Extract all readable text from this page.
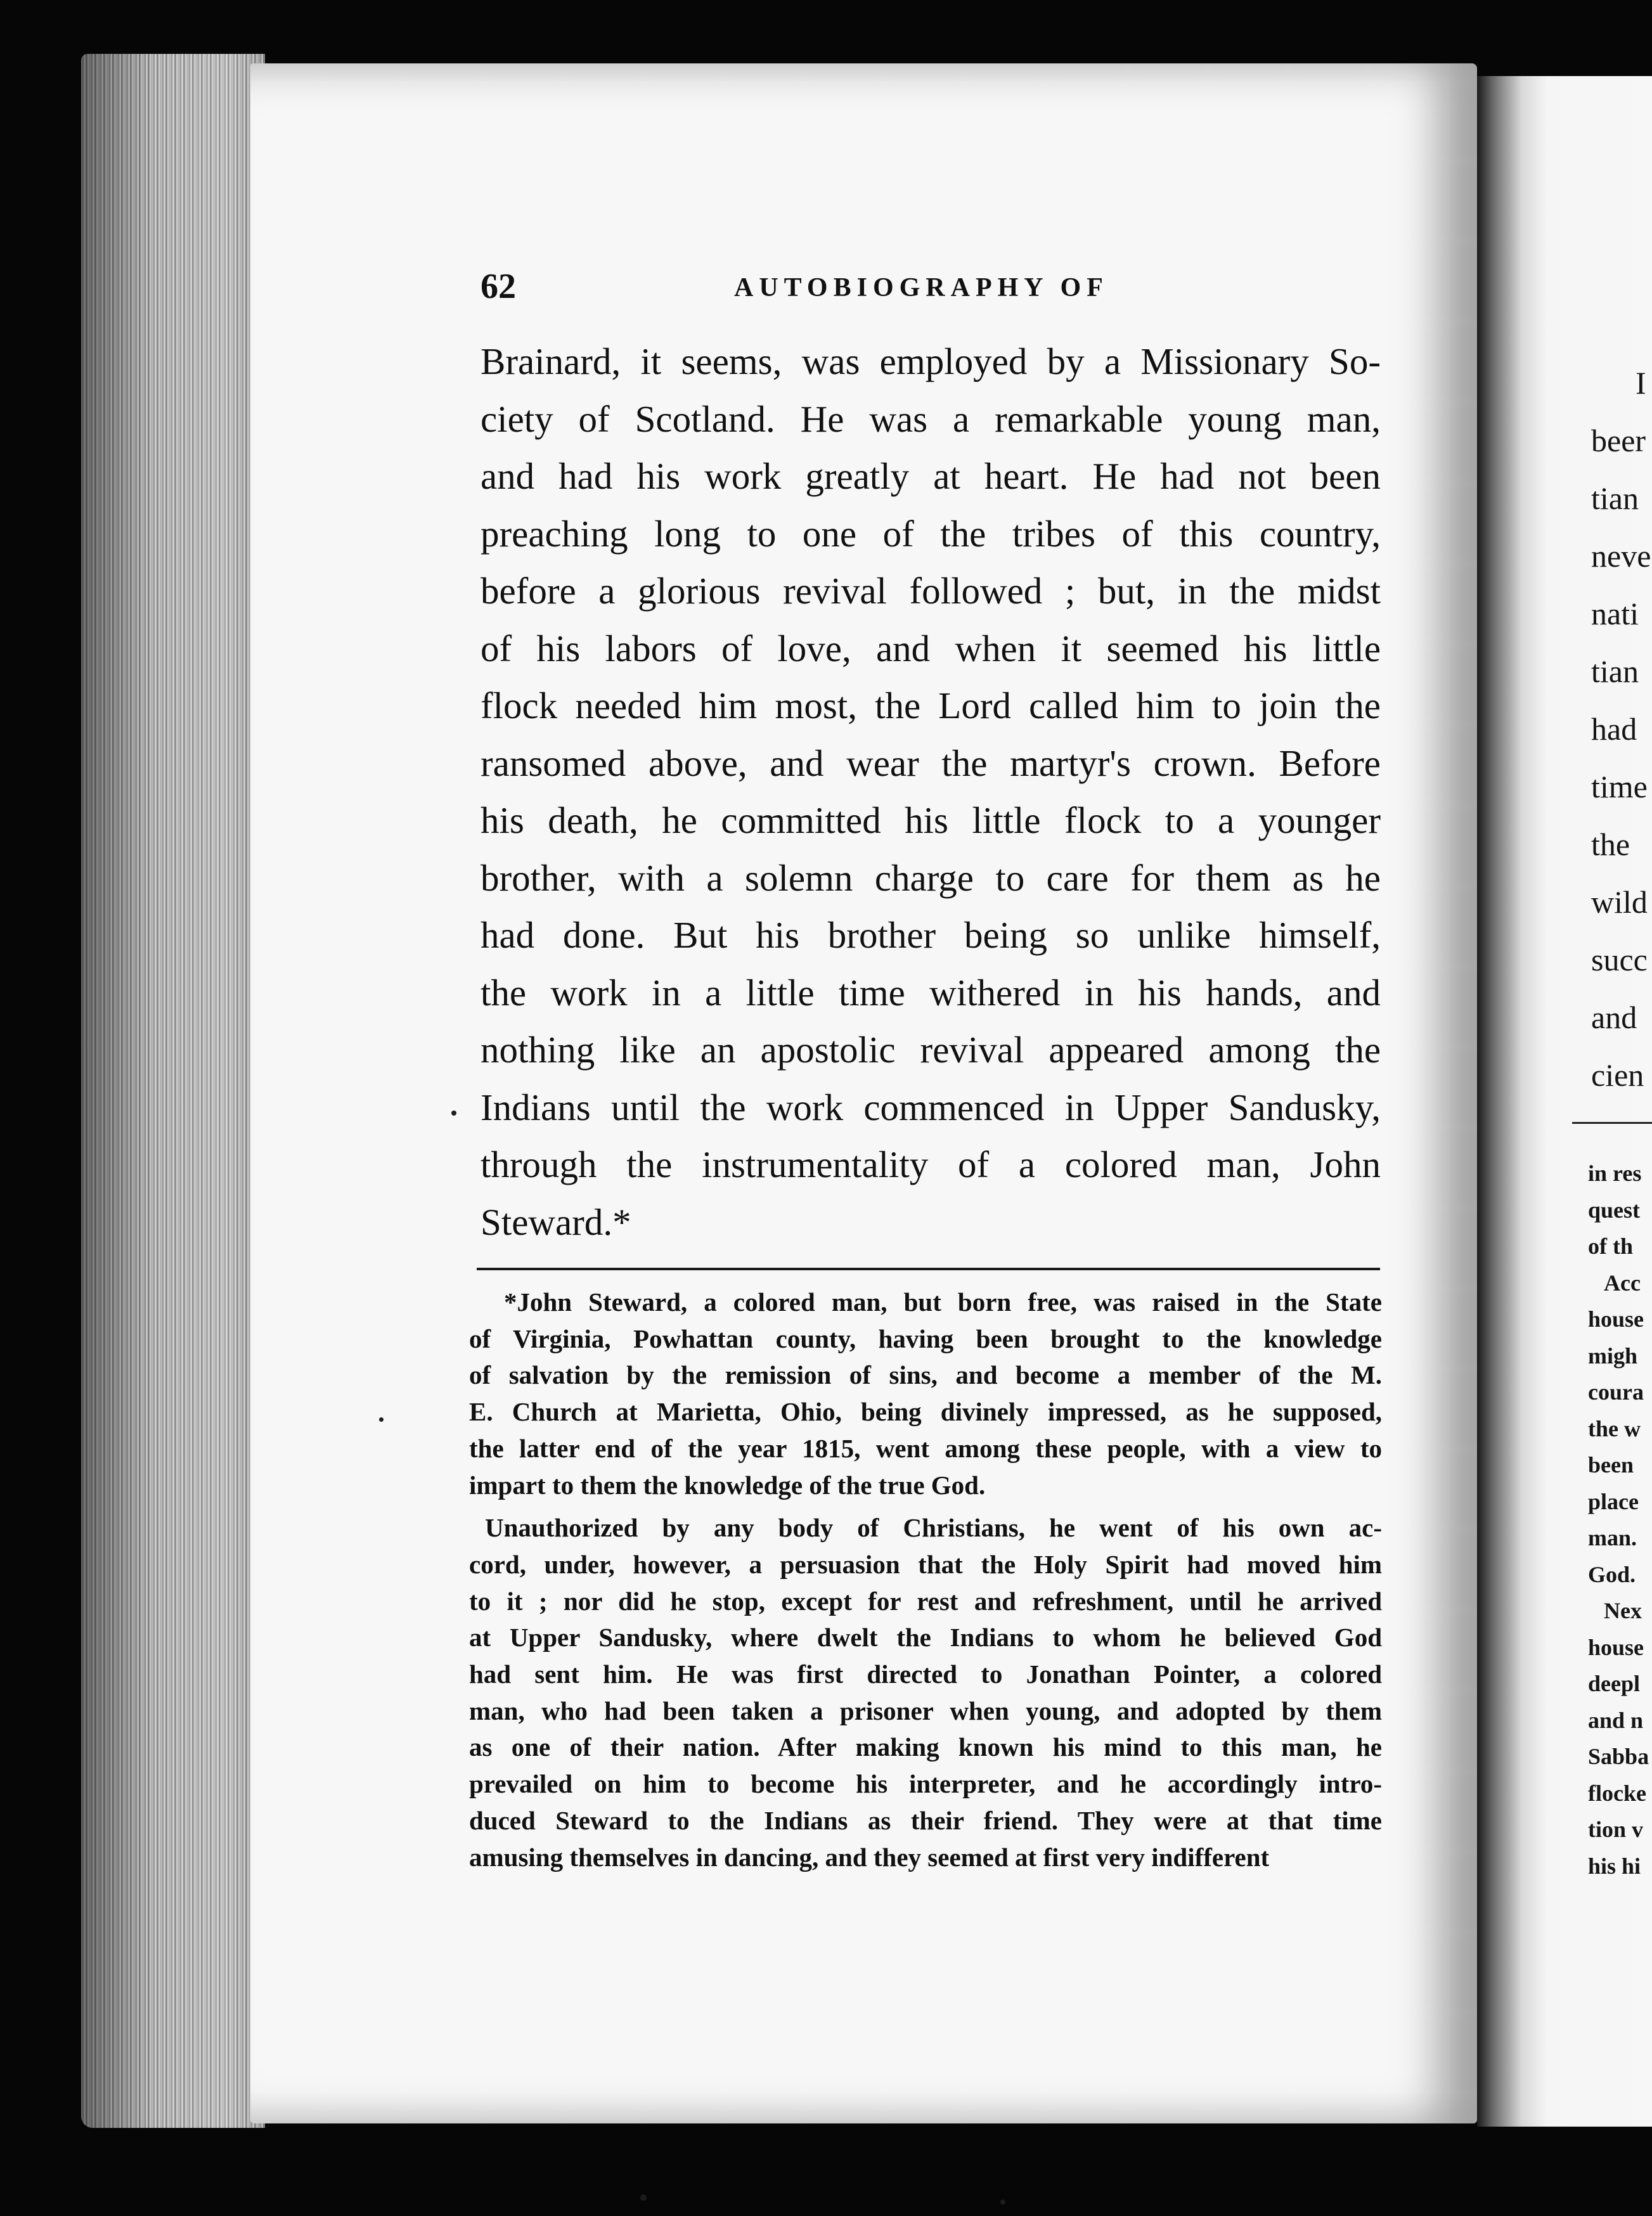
I
beer
tian
neve
nati
tian
had
time
the
wild
succ
and
cien
in res
quest
of th
Acc
house
migh
coura
the w
been
place
man.
God.
Nex
house
deepl
and n
Sabba
flocke
tion v
his hi
62	AUTOBIOGRAPHY OF
Brainard, it seems, was employed by a Missionary So-
ciety of Scotland. He was a remarkable young man,
and had his work greatly at heart. He had not been
preaching long to one of the tribes of this country,
before a glorious revival followed ; but, in the midst
of his labors of love, and when it seemed his little
flock needed him most, the Lord called him to join the
ransomed above, and wear the martyr's crown. Before
his death, he committed his little flock to a younger
brother, with a solemn charge to care for them as he
had done. But his brother being so unlike himself,
the work in a little time withered in his hands, and
nothing like an apostolic revival appeared among the
Indians until the work commenced in Upper Sandusky,
through the instrumentality of a colored man, John
Steward.*
*John Steward, a colored man, but born free, was raised in the State
of Virginia, Powhattan county, having been brought to the knowledge
of salvation by the remission of sins, and become a member of the M.
E. Church at Marietta, Ohio, being divinely impressed, as he supposed,
the latter end of the year 1815, went among these people, with a view to
impart to them the knowledge of the true God.
Unauthorized by any body of Christians, he went of his own ac-
cord, under, however, a persuasion that the Holy Spirit had moved him
to it ; nor did he stop, except for rest and refreshment, until he arrived
at Upper Sandusky, where dwelt the Indians to whom he believed God
had sent him. He was first directed to Jonathan Pointer, a colored
man, who had been taken a prisoner when young, and adopted by them
as one of their nation. After making known his mind to this man, he
prevailed on him to become his interpreter, and he accordingly intro-
duced Steward to the Indians as their friend. They were at that time
amusing themselves in dancing, and they seemed at first very indifferent
